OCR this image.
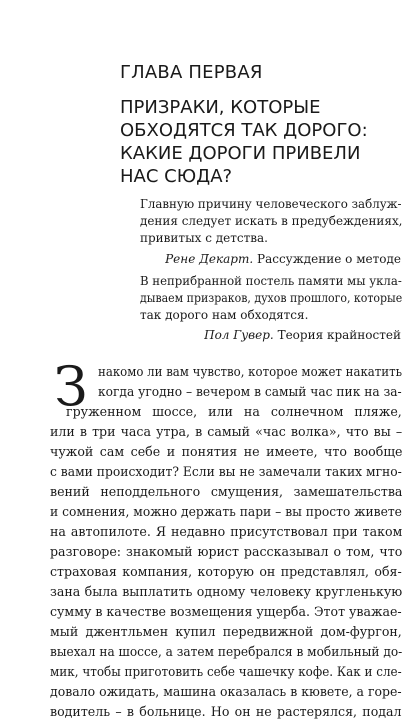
ГЛАВА ПЕРВАЯ
ПРИЗРАКИ, КОТОРЫЕ
ОБХОДЯТСЯ ТАК ДОРОГО:
КАКИЕ ДОРОГИ ПРИВЕЛИ
НАС СЮДА?
Главную причину человеческого заблуж-
дения следует искать в предубеждениях,
привитых с детства.
Рене Декарт. Рассуждение о методе
В неприбранной постель памяти мы укла-
дываем призраков, духов прошлого, которые
так дорого нам обходятся.
Пол Гувер. Теория крайностей
З накомо ли вам чувство, которое может накатить
когда угодно – вечером в самый час пик на за-
груженном шоссе, или на солнечном пляже,
или в три часа утра, в самый «час волка», что вы –
чужой сам себе и понятия не имеете, что вообще
с вами происходит? Если вы не замечали таких мгно-
вений неподдельного смущения, замешательства
и сомнения, можно держать пари – вы просто живете
на автопилоте. Я недавно присутствовал при таком
разговоре: знакомый юрист рассказывал о том, что
страховая компания, которую он представлял, обя-
зана была выплатить одному человеку кругленькую
сумму в качестве возмещения ущерба. Этот уважае-
мый джентльмен купил передвижной дом-фургон,
выехал на шоссе, а затем перебрался в мобильный до-
мик, чтобы приготовить себе чашечку кофе. Как и сле-
довало ожидать, машина оказалась в кювете, а горе-
водитель – в больнице. Но он не растерялся, подал
